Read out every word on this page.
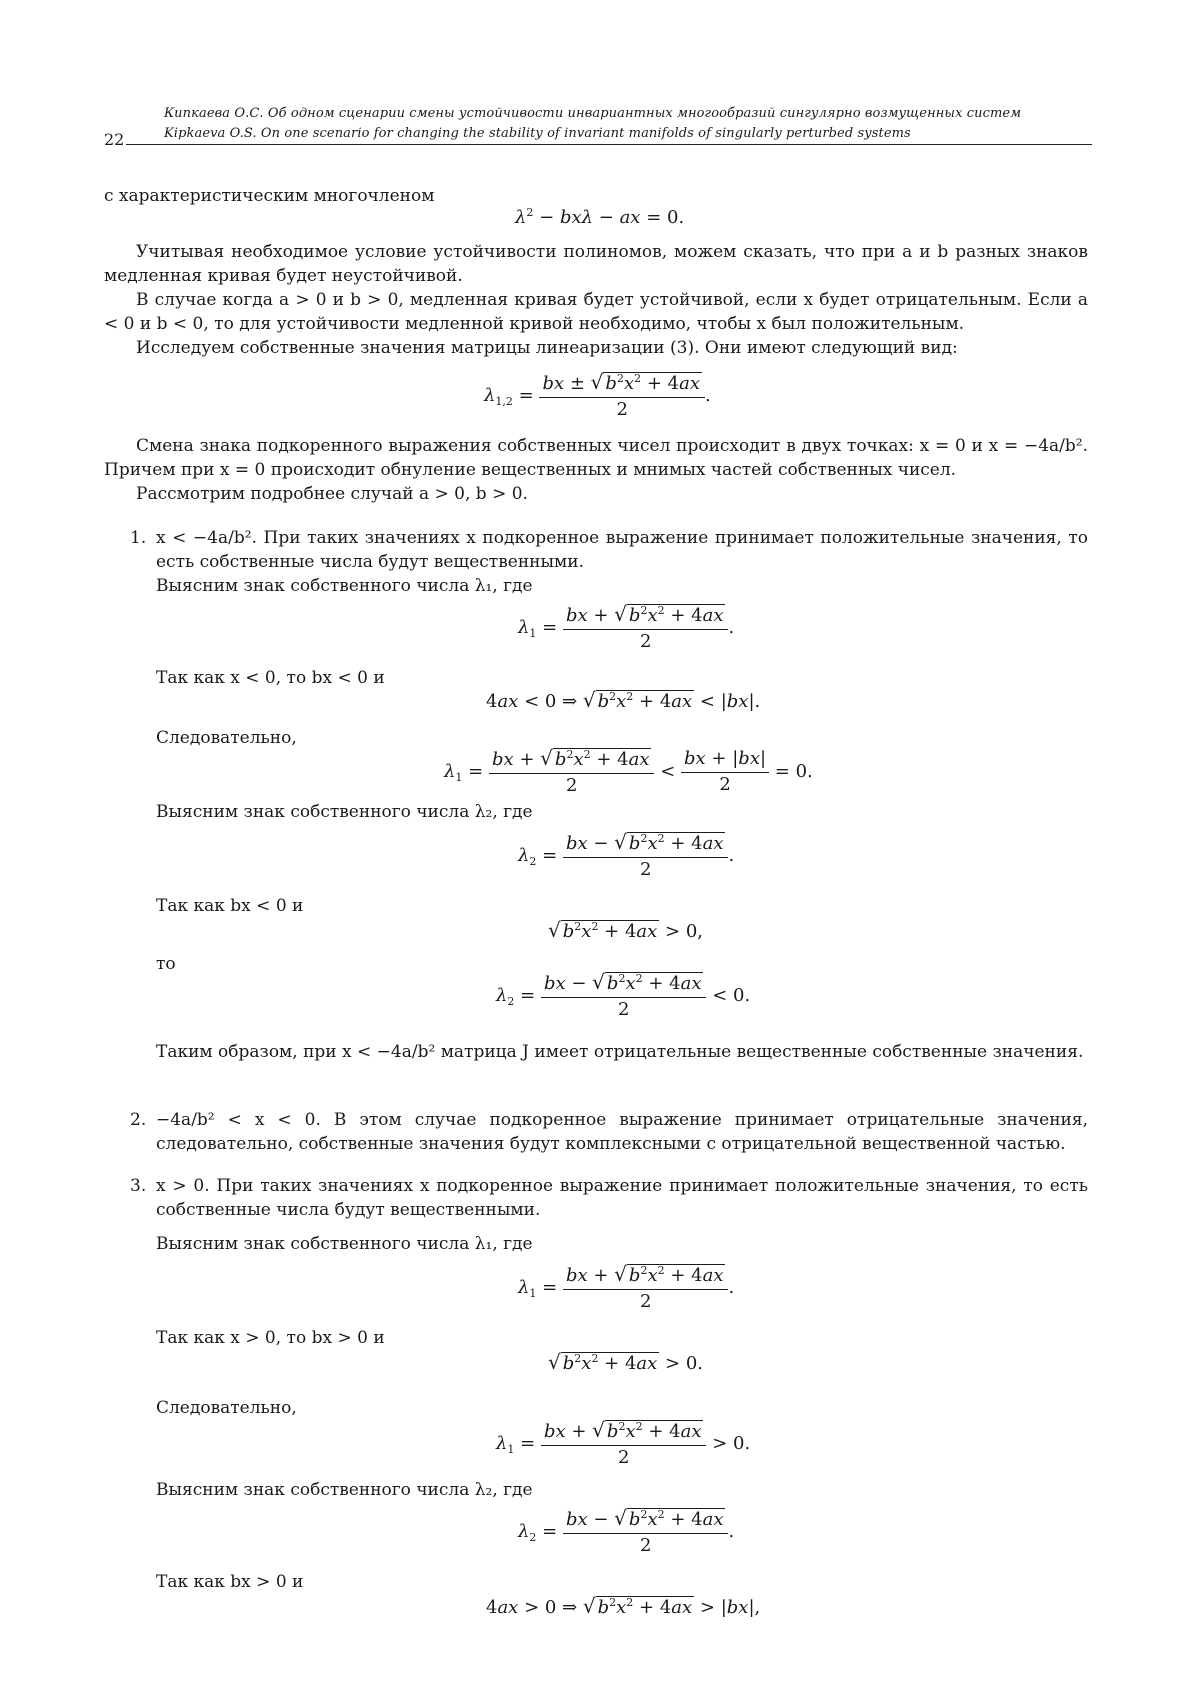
Кипкаева О.С. Об одном сценарии смены устойчивости инвариантных многообразий сингулярно возмущенных систем
Kipkaeva O.S. On one scenario for changing the stability of invariant manifolds of singularly perturbed systems
22
с характеристическим многочленом
$\lambda^2 - bx\lambda$ − ax = 0.
Учитывая необходимое условие устойчивости полиномов, можем сказать, что при a и b разных знаков медленная кривая будет неустойчивой.
В случае когда a > 0 и b > 0, медленная кривая будет устойчивой, если x будет отрицательным. Если a < 0 и b < 0, то для устойчивости медленной кривой необходимо, чтобы x был положительным.
Исследуем собственные значения матрицы линеаризации (3). Они имеют следующий вид:
$\lambda_{1,2} = \frac{bx \pm √ b^2x^2 + 4ax}{2}$ .
Смена знака подкоренного выражения собственных чисел происходит в двух точках: x = 0 и x = −4a/b². Причем при x = 0 происходит обнуление вещественных и мнимых частей собственных чисел.
Рассмотрим подробнее случай a > 0, b > 0.
1. x < −4a/b². При таких значениях x подкоренное выражение принимает положительные значения, то есть собственные числа будут вещественными.
Выясним знак собственного числа λ₁, где
$\lambda_1 = \frac{bx + √ b^2x^2 + 4ax}{2}$ .
Так как x < 0, то bx < 0 и
4ax < 0 ⇒ √ $b^2x^2 + 4ax < |bx|$.
Следовательно,
$\lambda_1 = \frac{bx + √ b^2x^2 + 4ax}{2} < \frac{bx + |bx|}{2} = 0$.
Выясним знак собственного числа λ₂, где
$\lambda_2 = \frac{bx - √ b^2x^2 + 4ax}{2}$ .
Так как bx < 0 и
√ $b^2x^2 + 4ax > 0$,
то
$\lambda_2 = \frac{bx - √ b^2x^2 + 4ax}{2} < 0$.
Таким образом, при x < −4a/b² матрица J имеет отрицательные вещественные собственные значения.
2. −4a/b² < x < 0. В этом случае подкоренное выражение принимает отрицательные значения, следовательно, собственные значения будут комплексными с отрицательной вещественной частью.
3. x > 0. При таких значениях x подкоренное выражение принимает положительные значения, то есть собственные числа будут вещественными.
Выясним знак собственного числа λ₁, где
$\lambda_1 = \frac{bx + √ b^2x^2 + 4ax}{2}$ .
Так как x > 0, то bx > 0 и
√ $b^2x^2 + 4ax > 0$.
Следовательно,
$\lambda_1 = \frac{bx + √ b^2x^2 + 4ax}{2} > 0$.
Выясним знак собственного числа λ₂, где
$\lambda_2 = \frac{bx - √ b^2x^2 + 4ax}{2}$ .
Так как bx > 0 и
4ax > 0 ⇒ √ $b^2x^2 + 4ax > |bx|$,
